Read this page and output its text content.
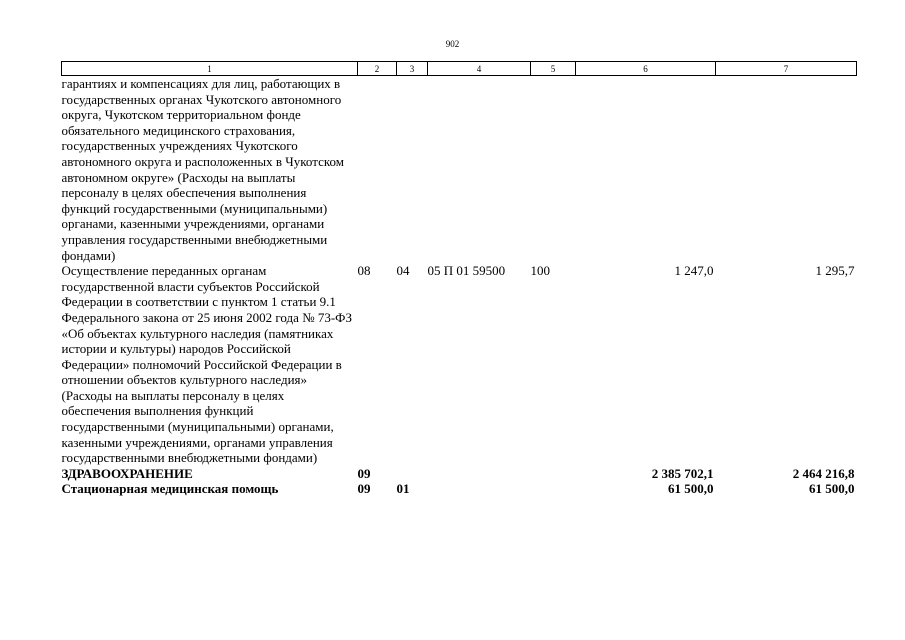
902
1	2	3	4	5	6	7
гарантиях и компенсациях для лиц, работающих в государственных органах Чукотского автономного округа, Чукотском территориальном фонде обязательного медицинского страхования, государственных учреждениях Чукотского автономного округа и расположенных в Чукотском автономном округе» (Расходы на выплаты персоналу в целях обеспечения выполнения функций государственными (муниципальными) органами, казенными учреждениями, органами управления государственными внебюджетными фондами)						
Осуществление переданных органам государственной власти субъектов Российской Федерации в соответствии с пунктом 1 статьи 9.1 Федерального закона от 25 июня 2002 года № 73-ФЗ «Об объектах культурного наследия (памятниках истории и культуры) народов Российской Федерации» полномочий Российской Федерации в отношении объектов культурного наследия» (Расходы на выплаты персоналу в целях обеспечения выполнения функций государственными (муниципальными) органами, казенными учреждениями, органами управления государственными внебюджетными фондами)	08	04	05 П 01 59500	100	1 247,0	1 295,7
ЗДРАВООХРАНЕНИЕ	09				2 385 702,1	2 464 216,8
Стационарная медицинская помощь	09	01			61 500,0	61 500,0
